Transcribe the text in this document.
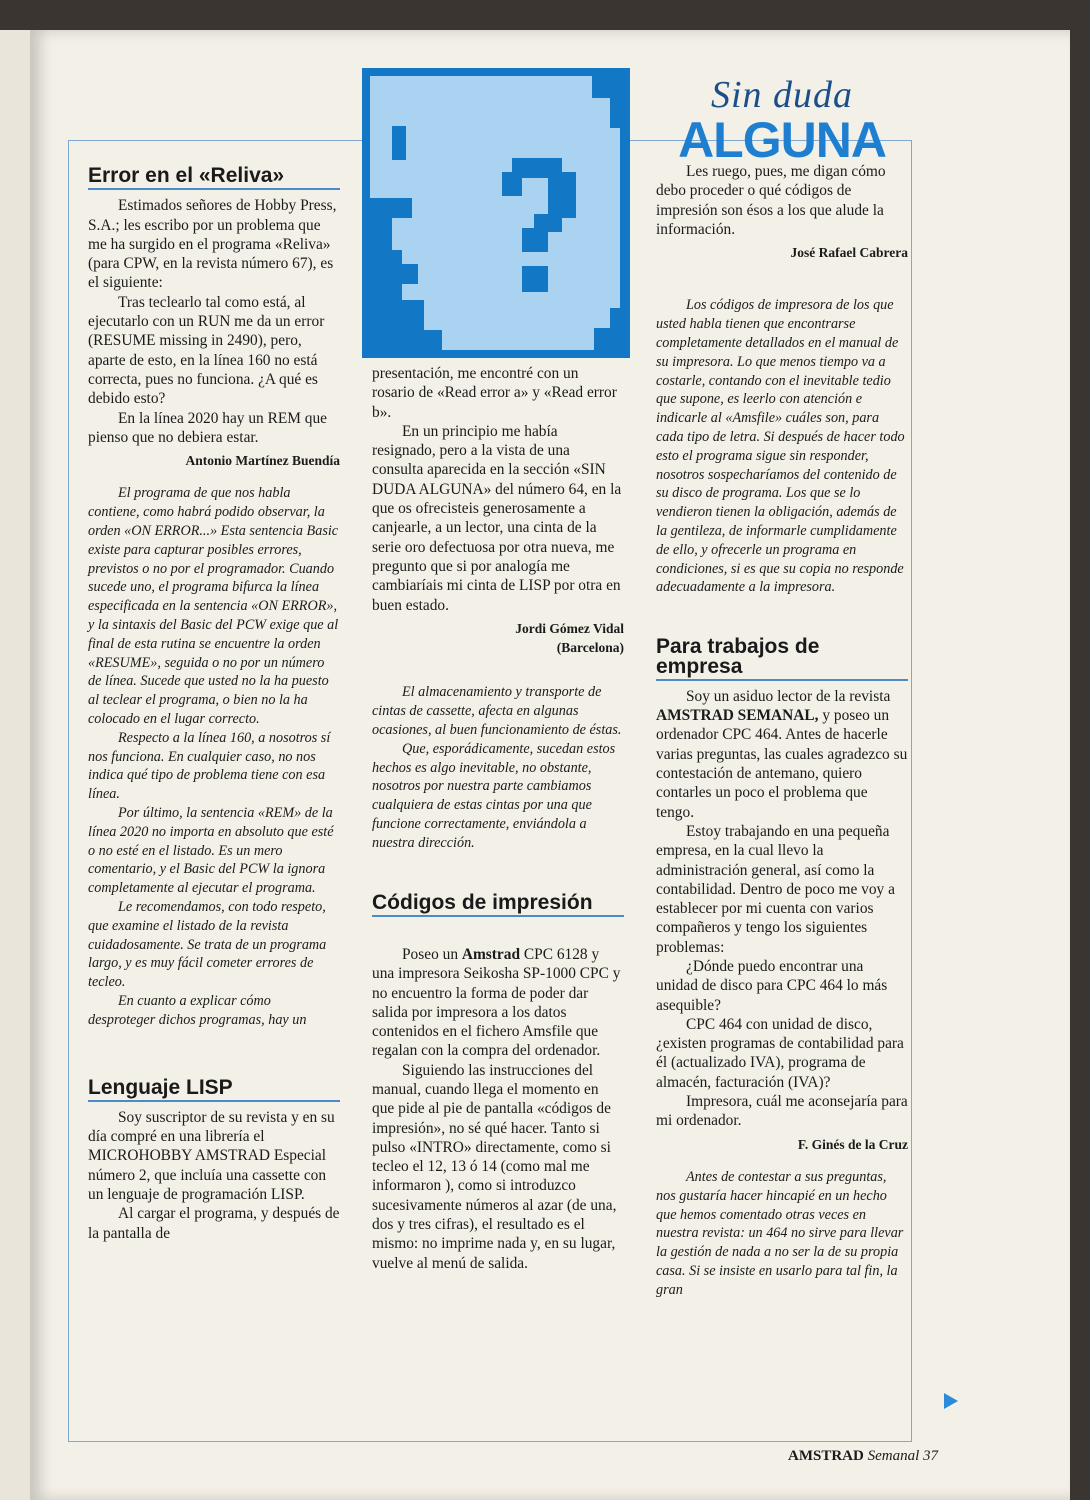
Sin duda
ALGUNA
Error en el «Reliva»

Estimados señores de Hobby Press, S.A.; les escribo por un problema que me ha surgido en el programa «Reliva» (para CPW, en la revista número 67), es el siguiente:

Tras teclearlo tal como está, al ejecutarlo con un RUN me da un error (RESUME missing in 2490), pero, aparte de esto, en la línea 160 no está correcta, pues no funciona. ¿A qué es debido esto?

En la línea 2020 hay un REM que pienso que no debiera estar.

Antonio Martínez Buendía

El programa de que nos habla contiene, como habrá podido observar, la orden «ON ERROR...» Esta sentencia Basic existe para capturar posibles errores, previstos o no por el programador. Cuando sucede uno, el programa bifurca la línea especificada en la sentencia «ON ERROR», y la sintaxis del Basic del PCW exige que al final de esta rutina se encuentre la orden «RESUME», seguida o no por un número de línea. Sucede que usted no la ha puesto al teclear el programa, o bien no la ha colocado en el lugar correcto.

Respecto a la línea 160, a nosotros sí nos funciona. En cualquier caso, no nos indica qué tipo de problema tiene con esa línea.

Por último, la sentencia «REM» de la línea 2020 no importa en absoluto que esté o no esté en el listado. Es un mero comentario, y el Basic del PCW la ignora completamente al ejecutar el programa.

Le recomendamos, con todo respeto, que examine el listado de la revista cuidadosamente. Se trata de un programa largo, y es muy fácil cometer errores de tecleo.

En cuanto a explicar cómo desproteger dichos programas, hay un

Lenguaje LISP

Soy suscriptor de su revista y en su día compré en una librería el MICROHOBBY AMSTRAD Especial número 2, que incluía una cassette con un lenguaje de programación LISP.

Al cargar el programa, y después de la pantalla de

presentación, me encontré con un rosario de «Read error a» y «Read error b».

En un principio me había resignado, pero a la vista de una consulta aparecida en la sección «SIN DUDA ALGUNA» del número 64, en la que os ofrecisteis generosamente a canjearle, a un lector, una cinta de la serie oro defectuosa por otra nueva, me pregunto que si por analogía me cambiaríais mi cinta de LISP por otra en buen estado.

Jordi Gómez Vidal
(Barcelona)

El almacenamiento y transporte de cintas de cassette, afecta en algunas ocasiones, al buen funcionamiento de éstas.

Que, esporádicamente, sucedan estos hechos es algo inevitable, no obstante, nosotros por nuestra parte cambiamos cualquiera de estas cintas por una que funcione correctamente, enviándola a nuestra dirección.

Códigos de impresión

Poseo un Amstrad CPC 6128 y una impresora Seikosha SP-1000 CPC y no encuentro la forma de poder dar salida por impresora a los datos contenidos en el fichero Amsfile que regalan con la compra del ordenador.

Siguiendo las instrucciones del manual, cuando llega el momento en que pide al pie de pantalla «códigos de impresión», no sé qué hacer. Tanto si pulso «INTRO» directamente, como si tecleo el 12, 13 ó 14 (como mal me informaron ), como si introduzco sucesivamente números al azar (de una, dos y tres cifras), el resultado es el mismo: no imprime nada y, en su lugar, vuelve al menú de salida.

Les ruego, pues, me digan cómo debo proceder o qué códigos de impresión son ésos a los que alude la información.

José Rafael Cabrera

Los códigos de impresora de los que usted habla tienen que encontrarse completamente detallados en el manual de su impresora. Lo que menos tiempo va a costarle, contando con el inevitable tedio que supone, es leerlo con atención e indicarle al «Amsfile» cuáles son, para cada tipo de letra. Si después de hacer todo esto el programa sigue sin responder, nosotros sospecharíamos del contenido de su disco de programa. Los que se lo vendieron tienen la obligación, además de la gentileza, de informarle cumplidamente de ello, y ofrecerle un programa en condiciones, si es que su copia no responde adecuadamente a la impresora.

Para trabajos de empresa

Soy un asiduo lector de la revista AMSTRAD SEMANAL, y poseo un ordenador CPC 464. Antes de hacerle varias preguntas, las cuales agradezco su contestación de antemano, quiero contarles un poco el problema que tengo.

Estoy trabajando en una pequeña empresa, en la cual llevo la administración general, así como la contabilidad. Dentro de poco me voy a establecer por mi cuenta con varios compañeros y tengo los siguientes problemas:

¿Dónde puedo encontrar una unidad de disco para CPC 464 lo más asequible?

CPC 464 con unidad de disco, ¿existen programas de contabilidad para él (actualizado IVA), programa de almacén, facturación (IVA)?

Impresora, cuál me aconsejaría para mi ordenador.

F. Ginés de la Cruz

Antes de contestar a sus preguntas, nos gustaría hacer hincapié en un hecho que hemos comentado otras veces en nuestra revista: un 464 no sirve para llevar la gestión de nada a no ser la de su propia casa. Si se insiste en usarlo para tal fin, la gran

AMSTRAD Semanal 37
